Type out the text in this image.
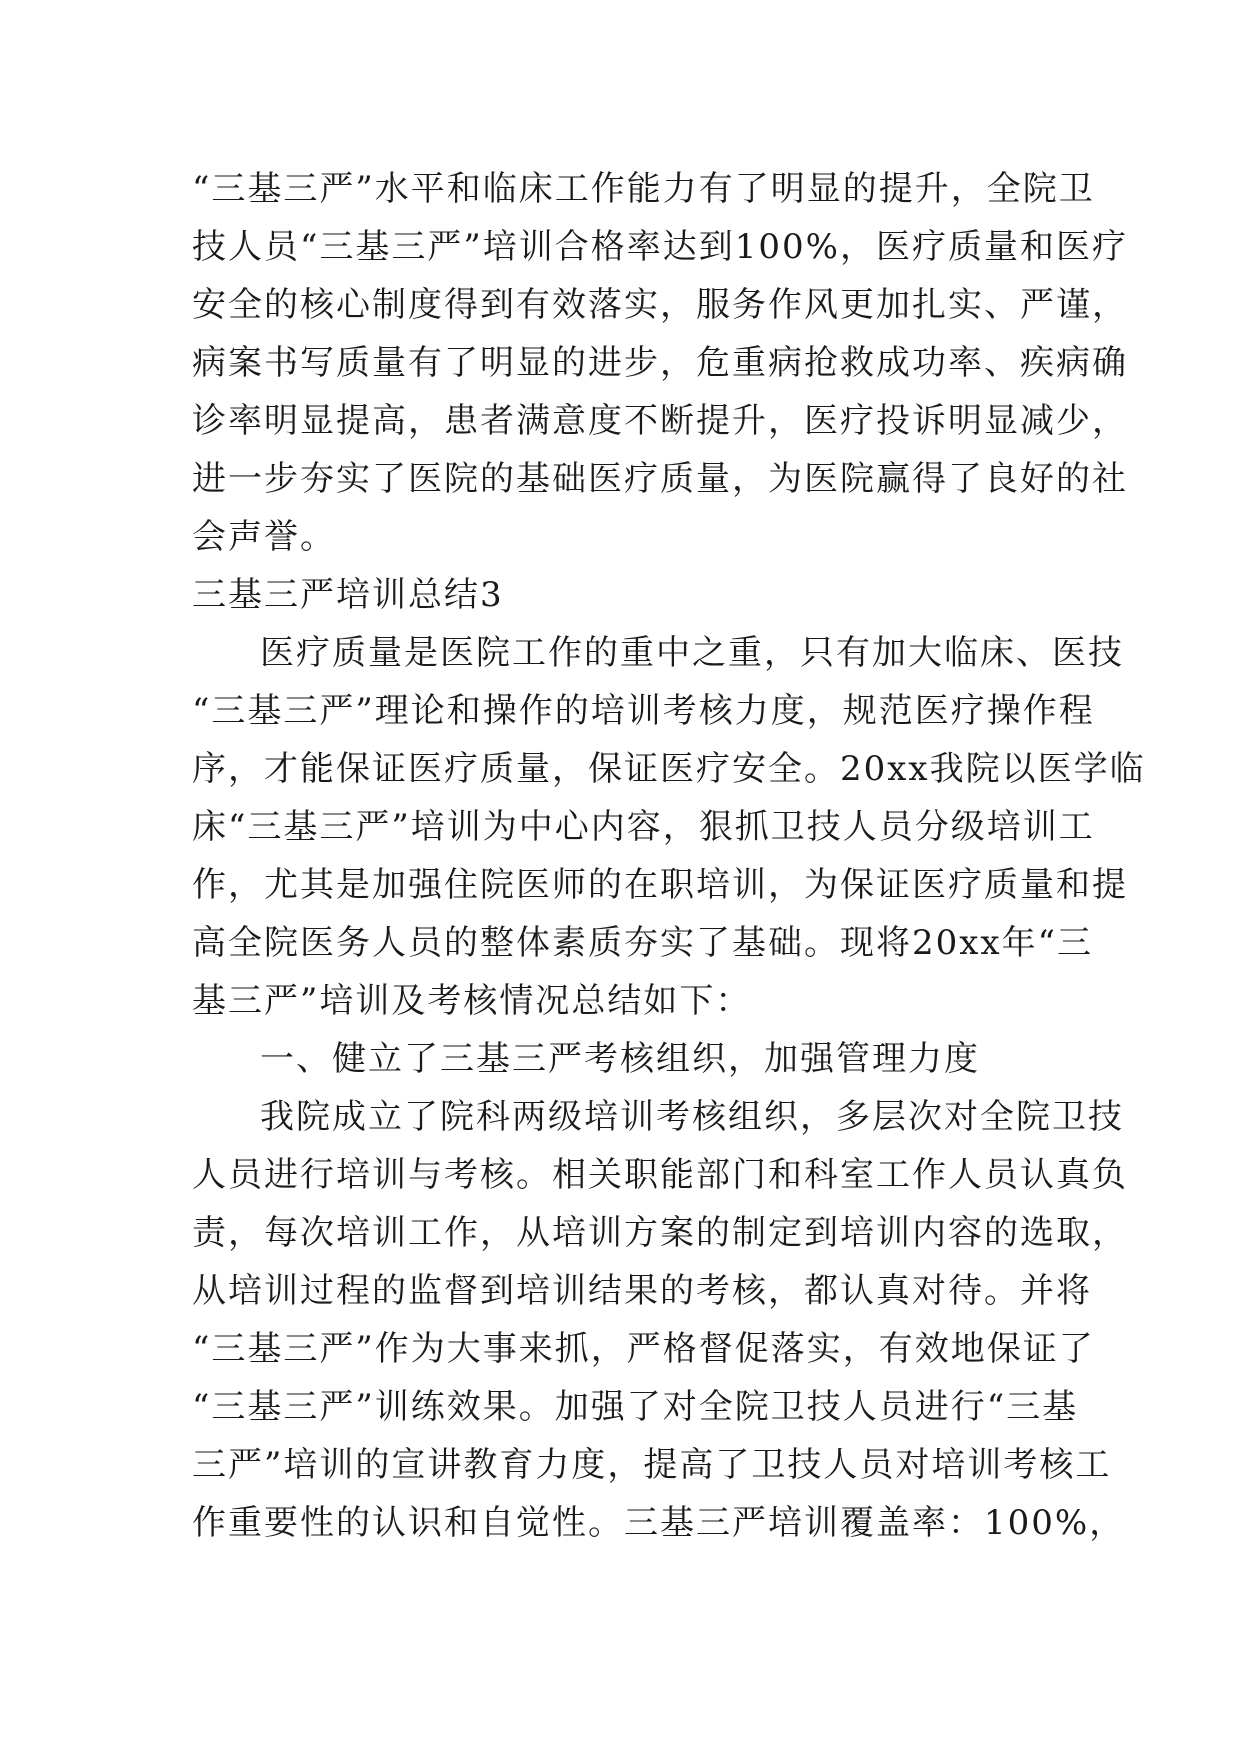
“三基三严”水平和临床工作能力有了明显的提升，全院卫
技人员“三基三严”培训合格率达到100%，医疗质量和医疗
安全的核心制度得到有效落实，服务作风更加扎实、严谨，
病案书写质量有了明显的进步，危重病抢救成功率、疾病确
诊率明显提高，患者满意度不断提升，医疗投诉明显减少，
进一步夯实了医院的基础医疗质量，为医院赢得了良好的社
会声誉。
三基三严培训总结3
医疗质量是医院工作的重中之重，只有加大临床、医技
“三基三严”理论和操作的培训考核力度，规范医疗操作程
序，才能保证医疗质量，保证医疗安全。20xx我院以医学临
床“三基三严”培训为中心内容，狠抓卫技人员分级培训工
作，尤其是加强住院医师的在职培训，为保证医疗质量和提
高全院医务人员的整体素质夯实了基础。现将20xx年“三
基三严”培训及考核情况总结如下：
一、健立了三基三严考核组织，加强管理力度
我院成立了院科两级培训考核组织，多层次对全院卫技
人员进行培训与考核。相关职能部门和科室工作人员认真负
责，每次培训工作，从培训方案的制定到培训内容的选取，
从培训过程的监督到培训结果的考核，都认真对待。并将
“三基三严”作为大事来抓，严格督促落实，有效地保证了
“三基三严”训练效果。加强了对全院卫技人员进行“三基
三严”培训的宣讲教育力度，提高了卫技人员对培训考核工
作重要性的认识和自觉性。三基三严培训覆盖率：100%，
